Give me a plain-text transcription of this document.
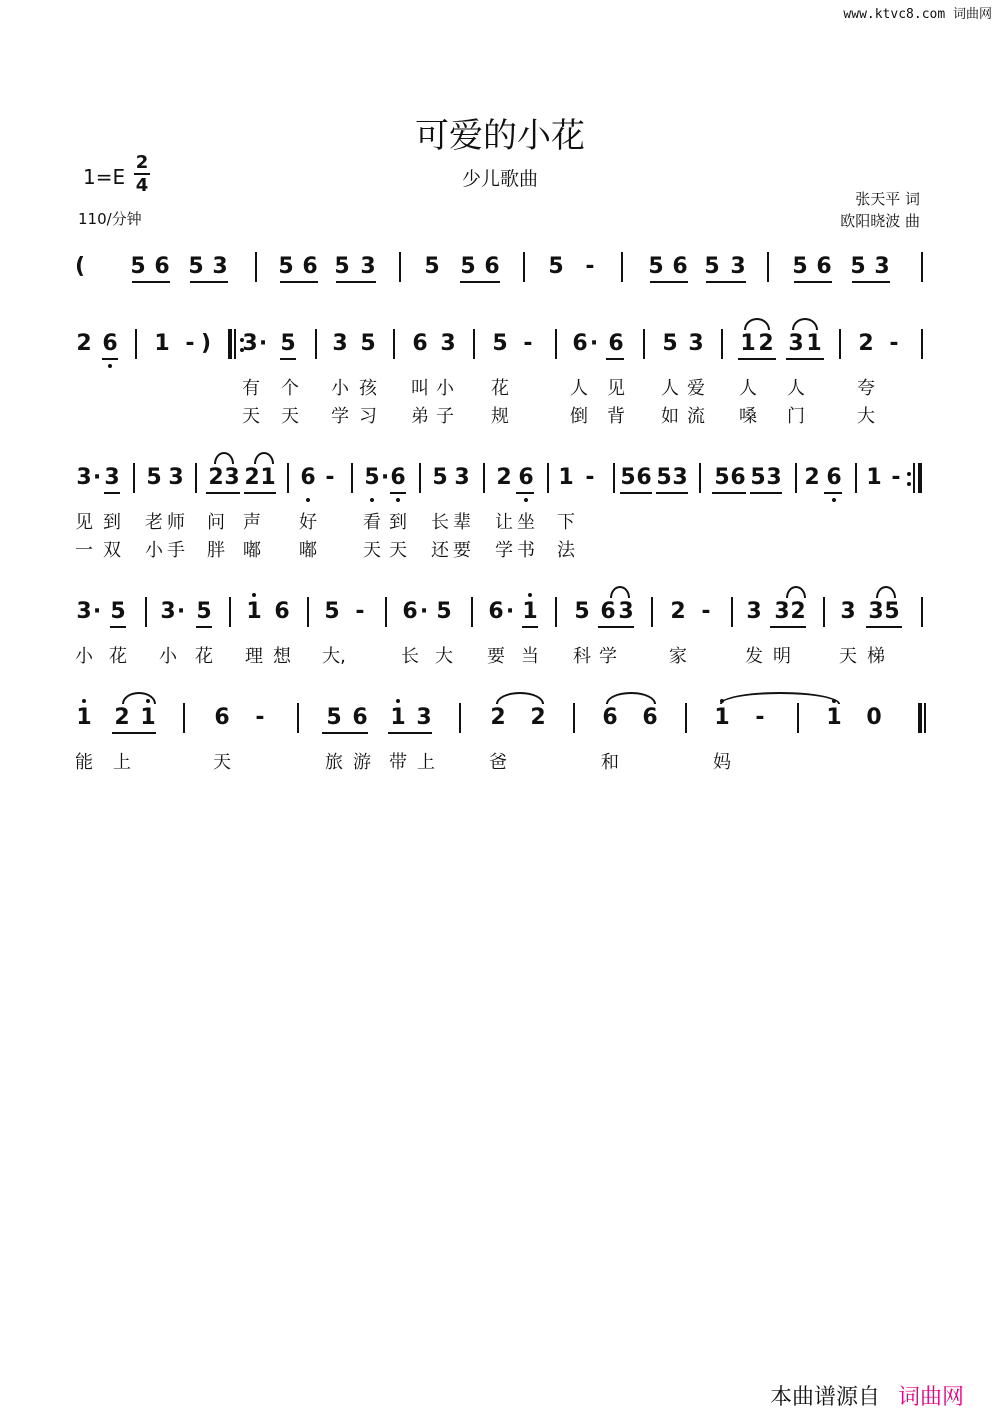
www.ktvc8.com 词曲网
可爱的小花
少儿歌曲
1=E
2
4
110/分钟
张天平 词
欧阳晓波 曲
( 5 6 5 3 5 6 5 3 5 5 6 5 - 5 6 5 3 5 6 5 3
2 6 1 - ) 3 · 5 3 5 6 3 5 - 6 · 6 5 3 1 2 3 1 2 -
有 个 小 孩 叫 小 花	人 见 人 爱 人 人	夸
天 天 学 习 弟 子 规	倒 背 如 流 嗓 门	大
3 · 3 5 3 2 3 2 1 6 - 5 · 6 5 3 2 6 1 - 5 6 5 3 5 6 5 3 2 6 1 -
见 到 老 师 问 声 好	看 到 长 辈 让 坐 下
一 双 小 手 胖 嘟 嘟	天 天 还 要 学 书 法
3 · 5 3 · 5 1 6 5 - 6 · 5 6 · 1 5 6 3 2 - 3 3 2 3 3 5
小 花 小 花 理 想 大,	长 大 要 当 科 学	家	发 明	天 梯
1 2 1	6 -	5 6 1 3	2 2	6 6	1 -	1 0
能 上	天	旅 游 带 上	爸	和	妈
本曲谱源自 词曲网
